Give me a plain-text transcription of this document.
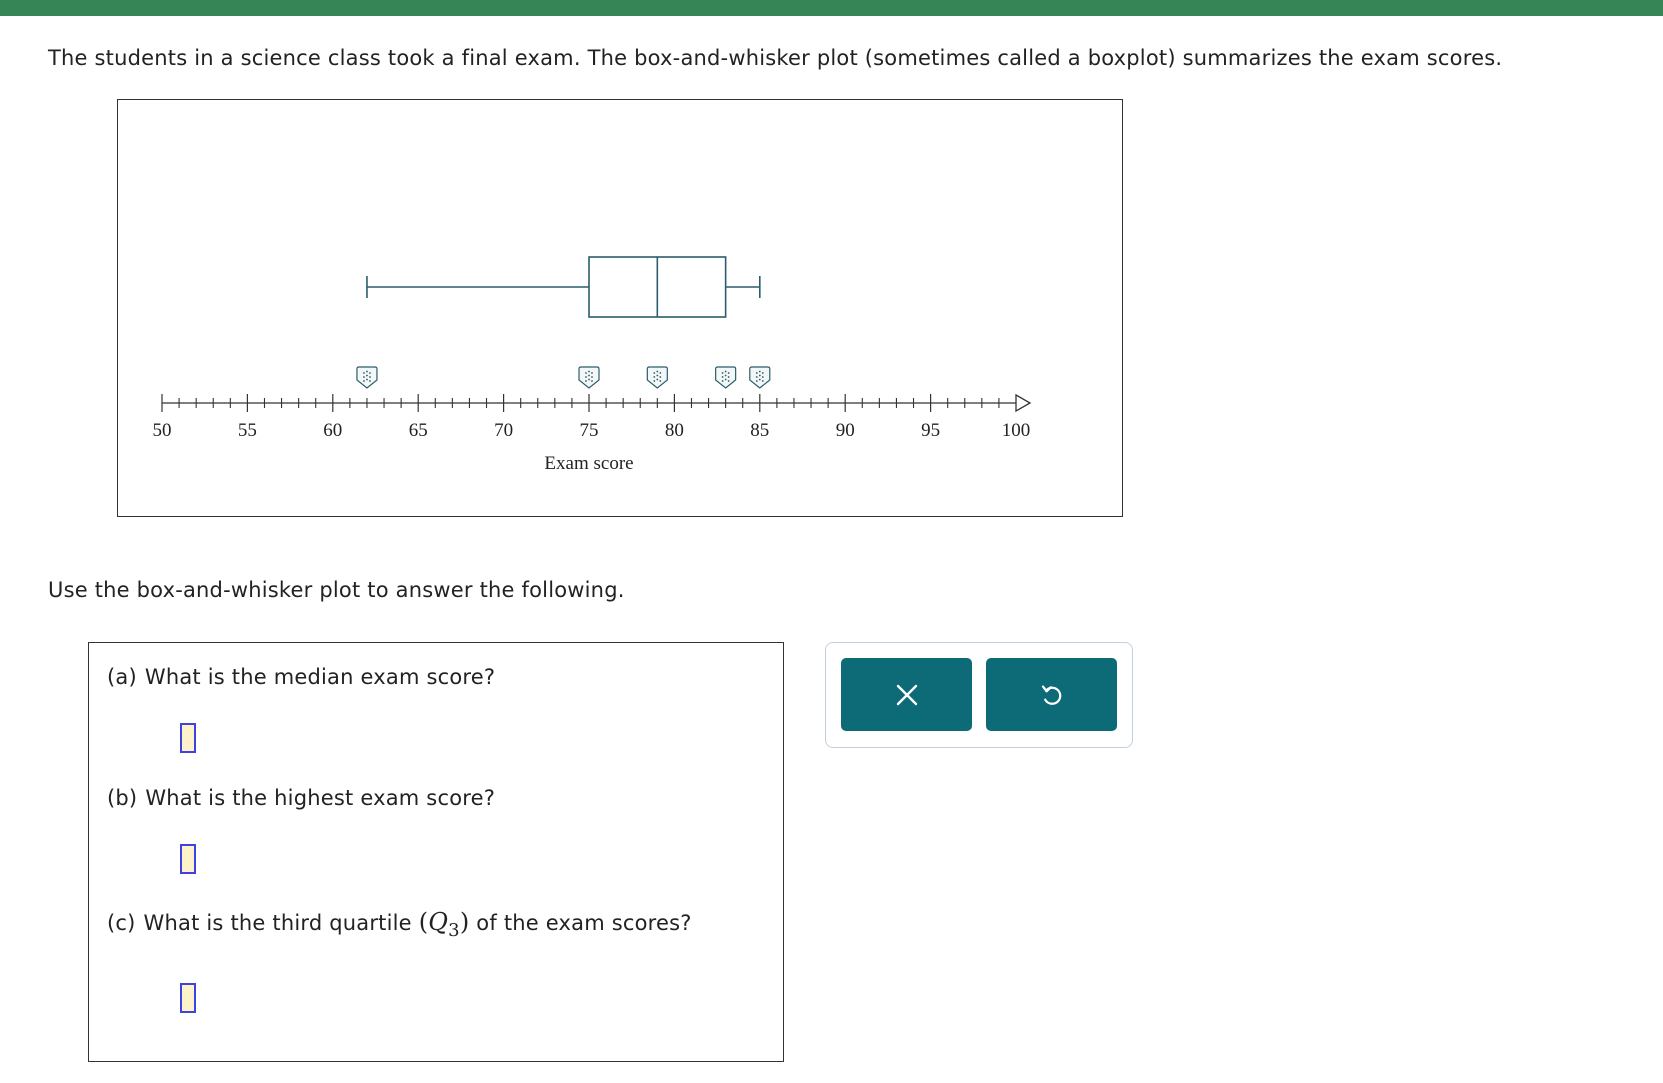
The students in a science class took a final exam. The box-and-whisker plot (sometimes called a boxplot) summarizes the exam scores.
50	55	60	65	70	75	80	85	90	95	100
Exam score
Use the box-and-whisker plot to answer the following.
(a) What is the median exam score?
(b) What is the highest exam score?
(c) What is the third quartile $(Q_3)$ of the exam scores?
